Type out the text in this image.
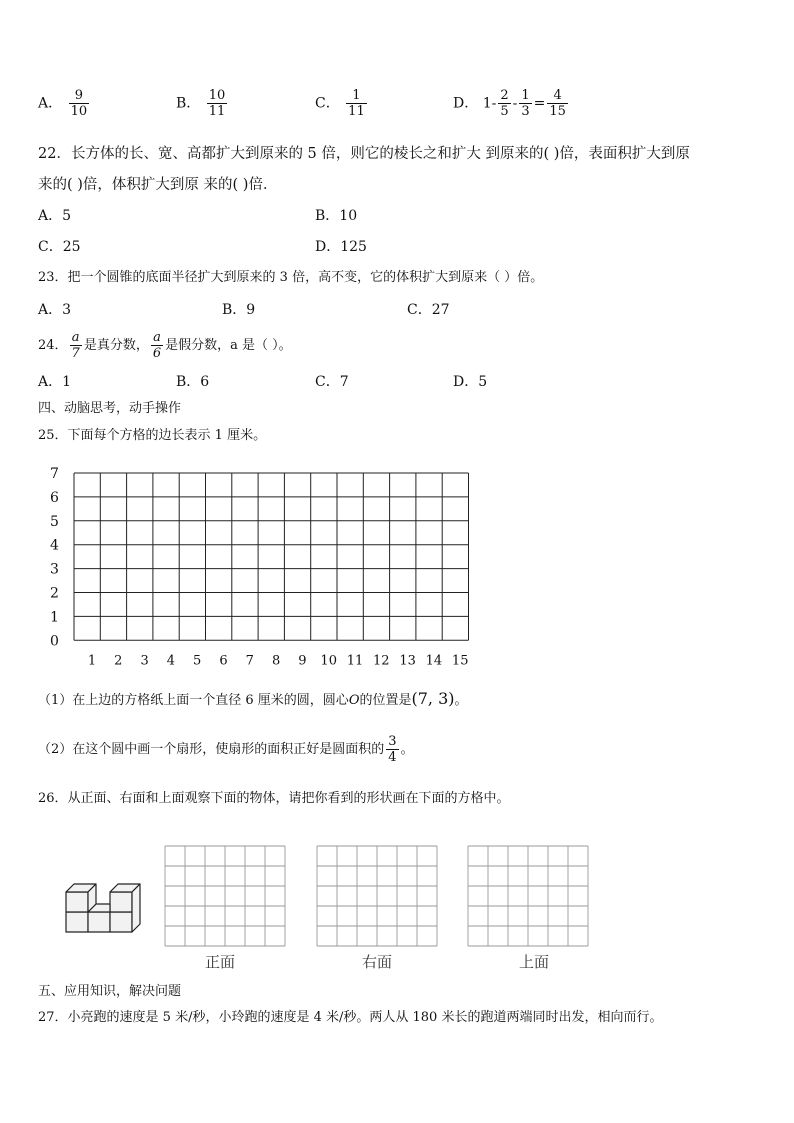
A． $\frac{9}{10}$	B． $\frac{10}{11}$	C． $\frac{1}{11}$	D． $1- \frac{2}{5} - \frac{1}{3} = \frac{4}{15}$
22．长方体的长、宽、高都扩大到原来的 5 倍，则它的棱长之和扩大 到原来的( )倍，表面积扩大到原
来的( )倍，体积扩大到原 来的( )倍．
A．5	B．10
C．25	D．125
23．把一个圆锥的底面半径扩大到原来的 3 倍，高不变，它的体积扩大到原来（ ）倍。
A．3	B．9	C．27
24． $\frac{a}{7}$ 是真分数， $\frac{a}{6}$ 是假分数，a 是（ ）。
A．1	B．6	C．7	D．5
四、动脑思考，动手操作
25．下面每个方格的边长表示 1 厘米。
0
1
2
3
4
5
6
7
1 2 3 4 5 6 7 8 9 10 11 12 13 14 15
（1）在上边的方格纸上面一个直径 6 厘米的圆，圆心O的位置是(7, 3)。
（2）在这个圆中画一个扇形，使扇形的面积正好是圆面积的 $\frac{3}{4}$ 。
26．从正面、右面和上面观察下面的物体，请把你看到的形状画在下面的方格中。
正面	右面	上面
五、应用知识，解决问题
27．小亮跑的速度是 5 米/秒，小玲跑的速度是 4 米/秒。两人从 180 米长的跑道两端同时出发，相向而行。
